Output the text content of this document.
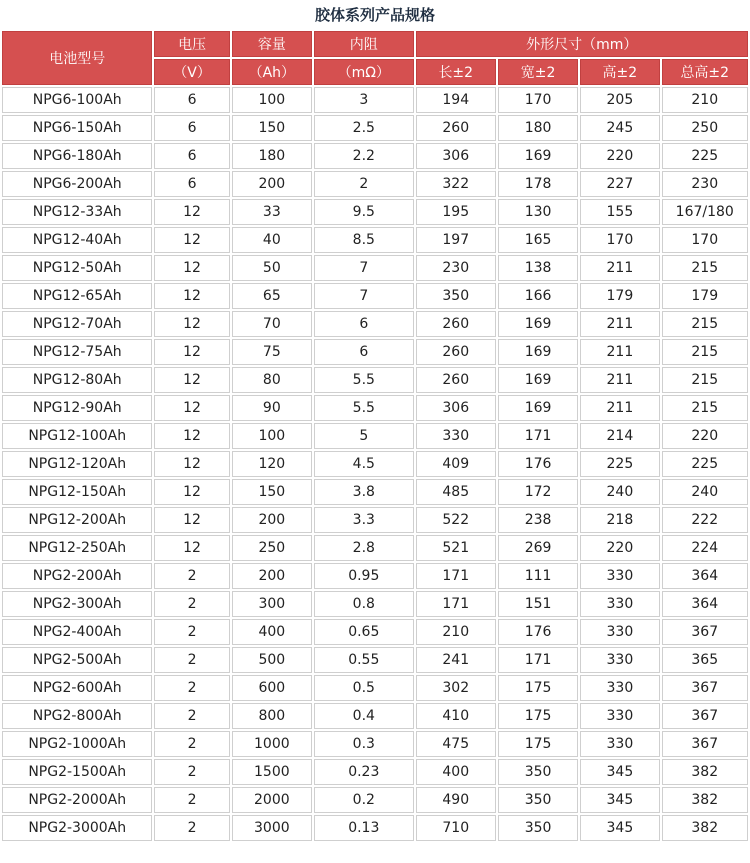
胶体系列产品规格
电池型号	电压	容量	内阻	外形尺寸（mm）			
	（V）	（Ah）	（mΩ）	长±2	宽±2	高±2	总高±2
NPG6-100Ah	6	100	3	194	170	205	210
NPG6-150Ah	6	150	2.5	260	180	245	250
NPG6-180Ah	6	180	2.2	306	169	220	225
NPG6-200Ah	6	200	2	322	178	227	230
NPG12-33Ah	12	33	9.5	195	130	155	167/180
NPG12-40Ah	12	40	8.5	197	165	170	170
NPG12-50Ah	12	50	7	230	138	211	215
NPG12-65Ah	12	65	7	350	166	179	179
NPG12-70Ah	12	70	6	260	169	211	215
NPG12-75Ah	12	75	6	260	169	211	215
NPG12-80Ah	12	80	5.5	260	169	211	215
NPG12-90Ah	12	90	5.5	306	169	211	215
NPG12-100Ah	12	100	5	330	171	214	220
NPG12-120Ah	12	120	4.5	409	176	225	225
NPG12-150Ah	12	150	3.8	485	172	240	240
NPG12-200Ah	12	200	3.3	522	238	218	222
NPG12-250Ah	12	250	2.8	521	269	220	224
NPG2-200Ah	2	200	0.95	171	111	330	364
NPG2-300Ah	2	300	0.8	171	151	330	364
NPG2-400Ah	2	400	0.65	210	176	330	367
NPG2-500Ah	2	500	0.55	241	171	330	365
NPG2-600Ah	2	600	0.5	302	175	330	367
NPG2-800Ah	2	800	0.4	410	175	330	367
NPG2-1000Ah	2	1000	0.3	475	175	330	367
NPG2-1500Ah	2	1500	0.23	400	350	345	382
NPG2-2000Ah	2	2000	0.2	490	350	345	382
NPG2-3000Ah	2	3000	0.13	710	350	345	382
